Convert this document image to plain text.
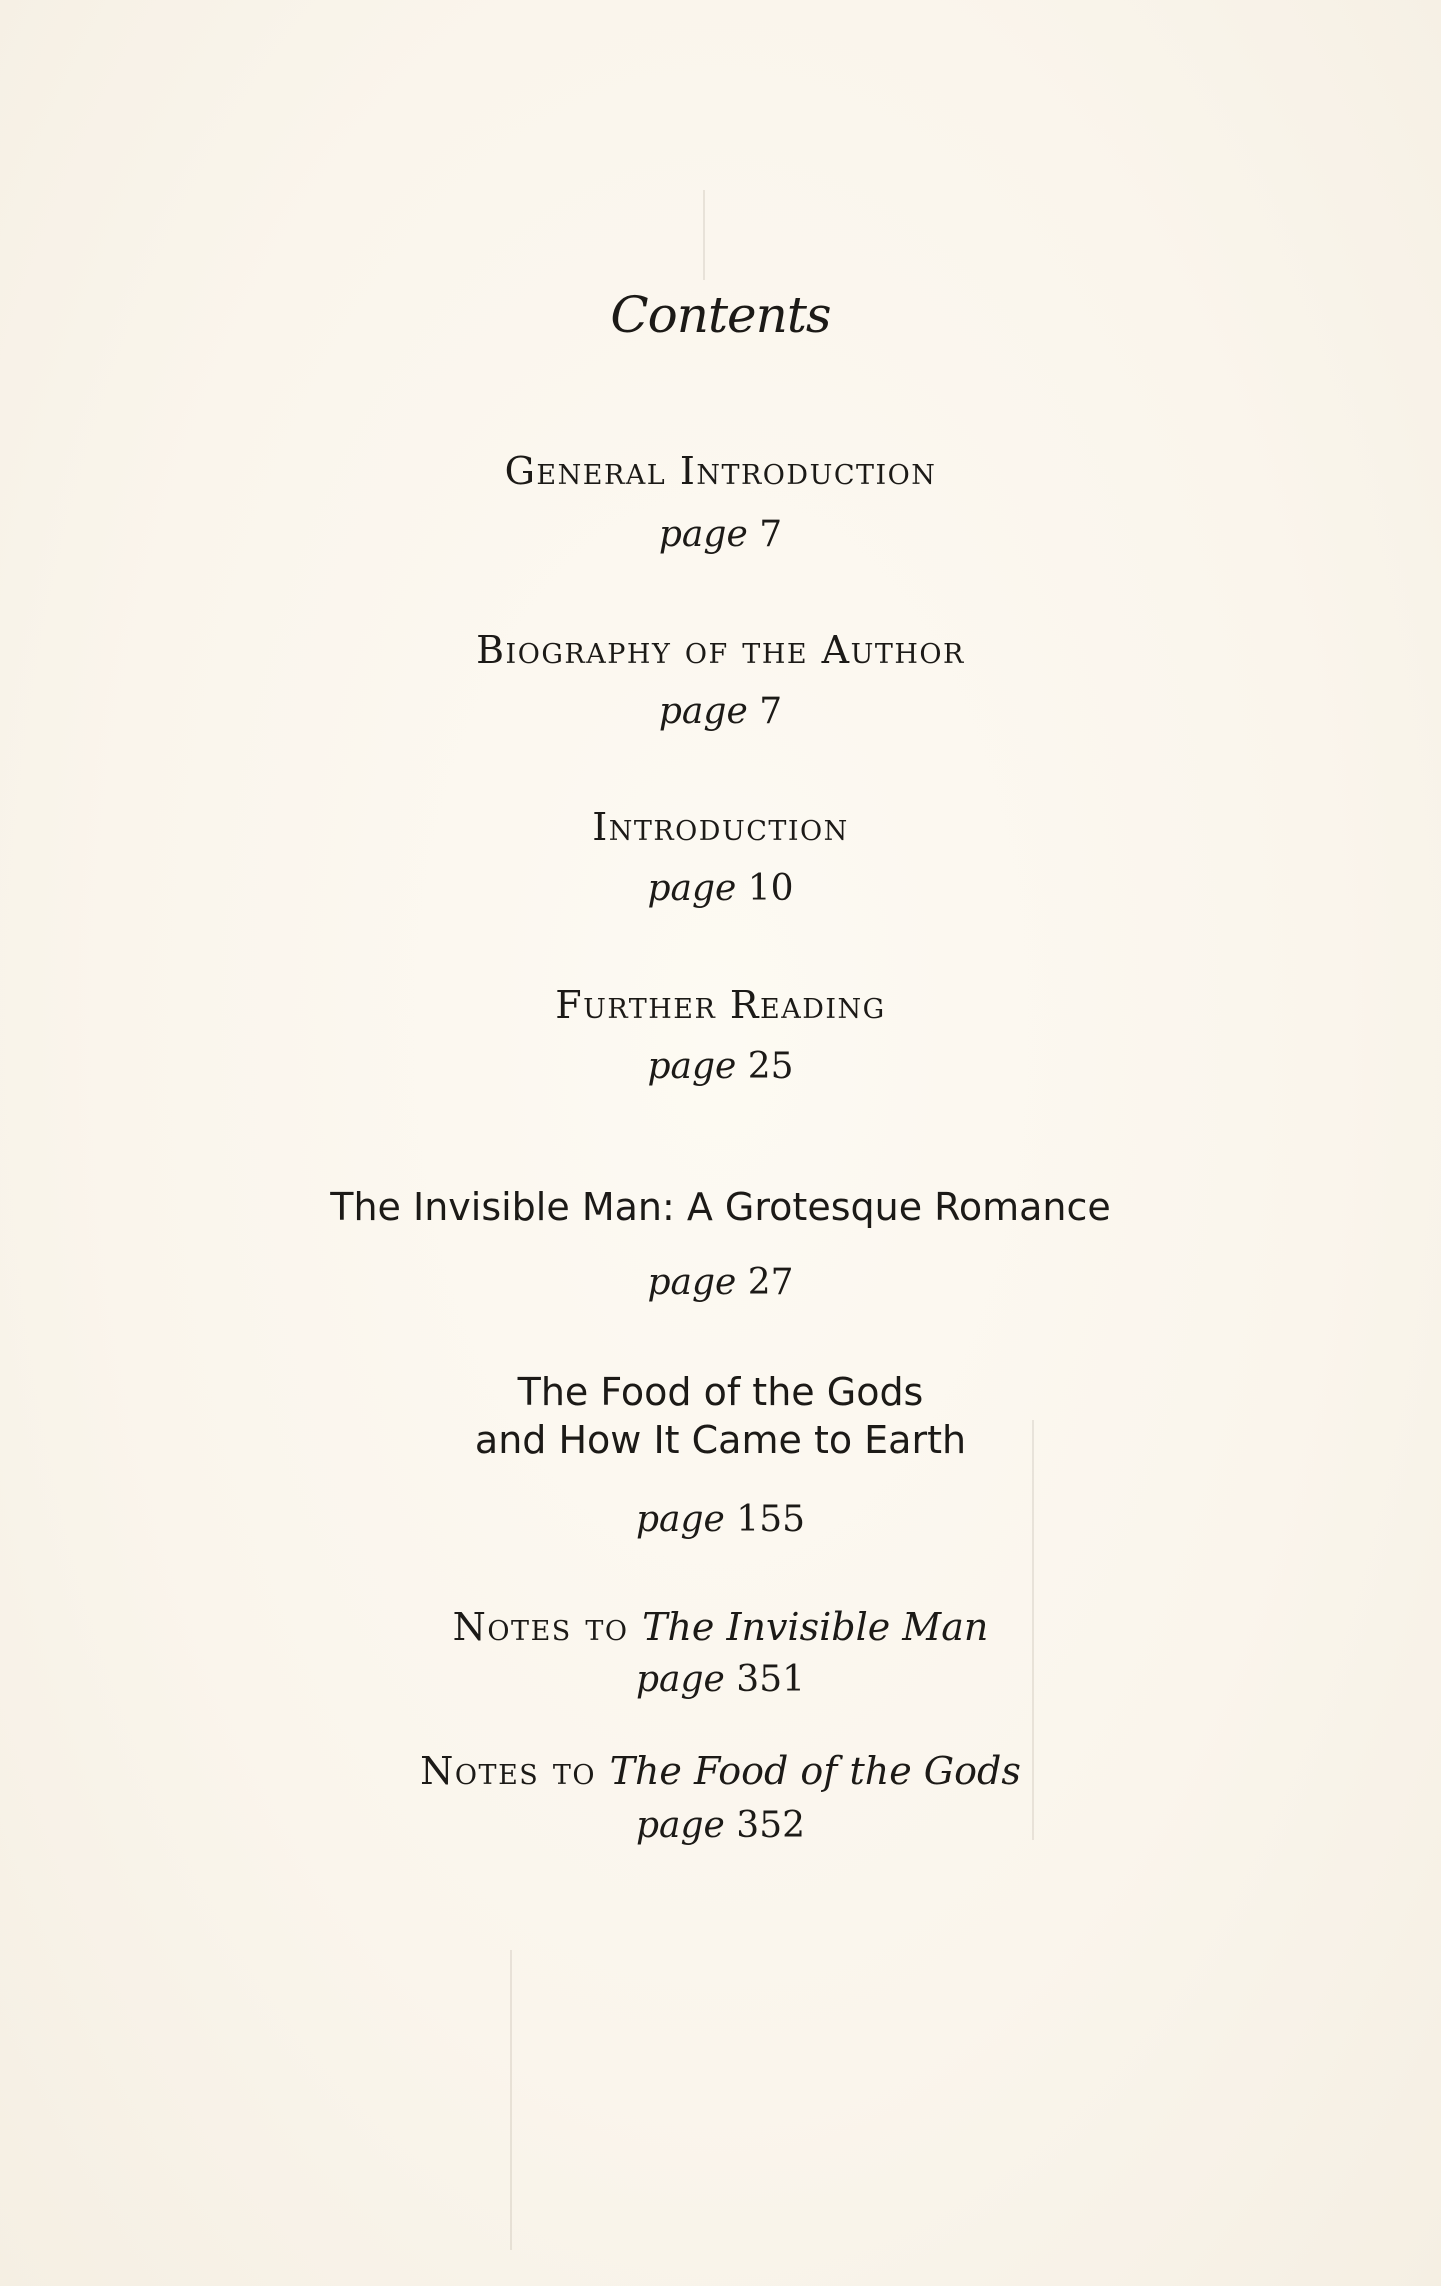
Contents
General Introduction
page 7
Biography of the Author
page 7
Introduction
page 10
Further Reading
page 25
The Invisible Man: A Grotesque Romance
page 27
The Food of the Gods
and How It Came to Earth
page 155
Notes to The Invisible Man
page 351
Notes to The Food of the Gods
page 352
